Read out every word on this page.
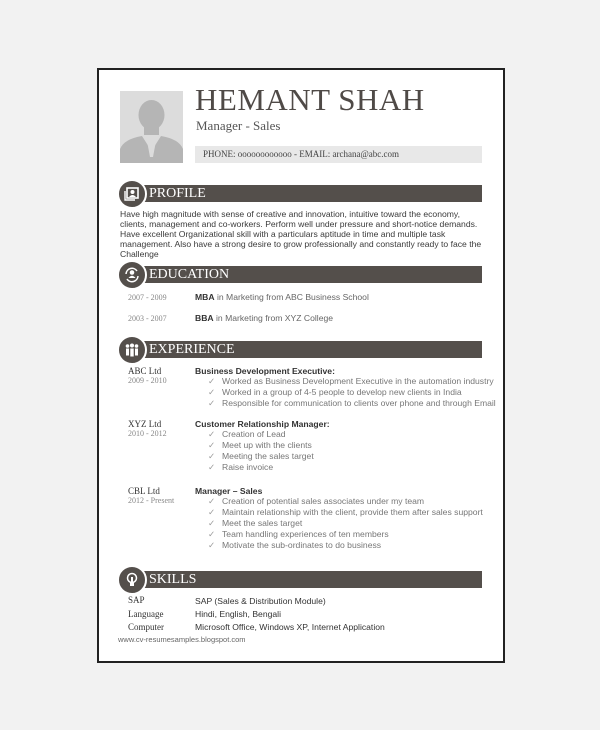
HEMANT SHAH
Manager - Sales
PHONE: oooooooooooo - EMAIL: archana@abc.com
PROFILE
Have high magnitude with sense of creative and innovation, intuitive toward the economy, clients, management and co-workers. Perform well under pressure and short-notice demands. Have excellent Organizational skill with a particulars aptitude in time and multiple task management. Also have a strong desire to grow professionally and constantly ready to face the Challenge
EDUCATION
2007 - 2009	MBA in Marketing from ABC Business School
2003 - 2007	BBA in Marketing from XYZ College
EXPERIENCE
ABC Ltd
2009 - 2010
Business Development Executive:
✓ Worked as Business Development Executive in the automation industry
✓ Worked in a group of 4-5 people to develop new clients in India
✓ Responsible for communication to clients over phone and through Email
XYZ Ltd
2010 - 2012
Customer Relationship Manager:
✓ Creation of Lead
✓ Meet up with the clients
✓ Meeting the sales target
✓ Raise invoice
CBL Ltd
2012 - Present
Manager – Sales
✓ Creation of potential sales associates under my team
✓ Maintain relationship with the client, provide them after sales support
✓ Meet the sales target
✓ Team handling experiences of ten members
✓ Motivate the sub-ordinates to do business
SKILLS
SAP	SAP (Sales & Distribution Module)
Language	Hindi, English, Bengali
Computer	Microsoft Office, Windows XP, Internet Application
www.cv-resumesamples.blogspot.com
